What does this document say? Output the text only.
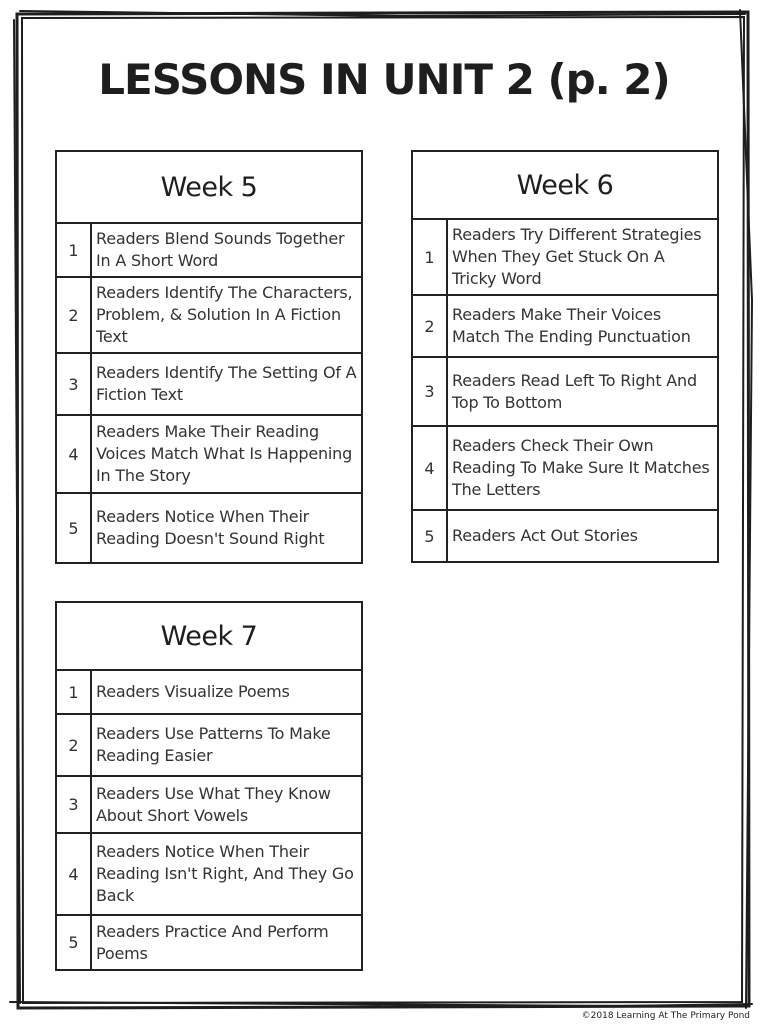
LESSONS IN UNIT 2 (p. 2)
Week 5	
1	Readers Blend Sounds Together In A Short Word
2	Readers Identify The Characters, Problem, & Solution In A Fiction Text
3	Readers Identify The Setting Of A Fiction Text
4	Readers Make Their Reading Voices Match What Is Happening In The Story
5	Readers Notice When Their Reading Doesn't Sound Right
Week 6	
1	Readers Try Different Strategies When They Get Stuck On A Tricky Word
2	Readers Make Their Voices Match The Ending Punctuation
3	Readers Read Left To Right And Top To Bottom
4	Readers Check Their Own Reading To Make Sure It Matches The Letters
5	Readers Act Out Stories
Week 7	
1	Readers Visualize Poems
2	Readers Use Patterns To Make Reading Easier
3	Readers Use What They Know About Short Vowels
4	Readers Notice When Their Reading Isn't Right, And They Go Back
5	Readers Practice And Perform Poems
©2018 Learning At The Primary Pond
